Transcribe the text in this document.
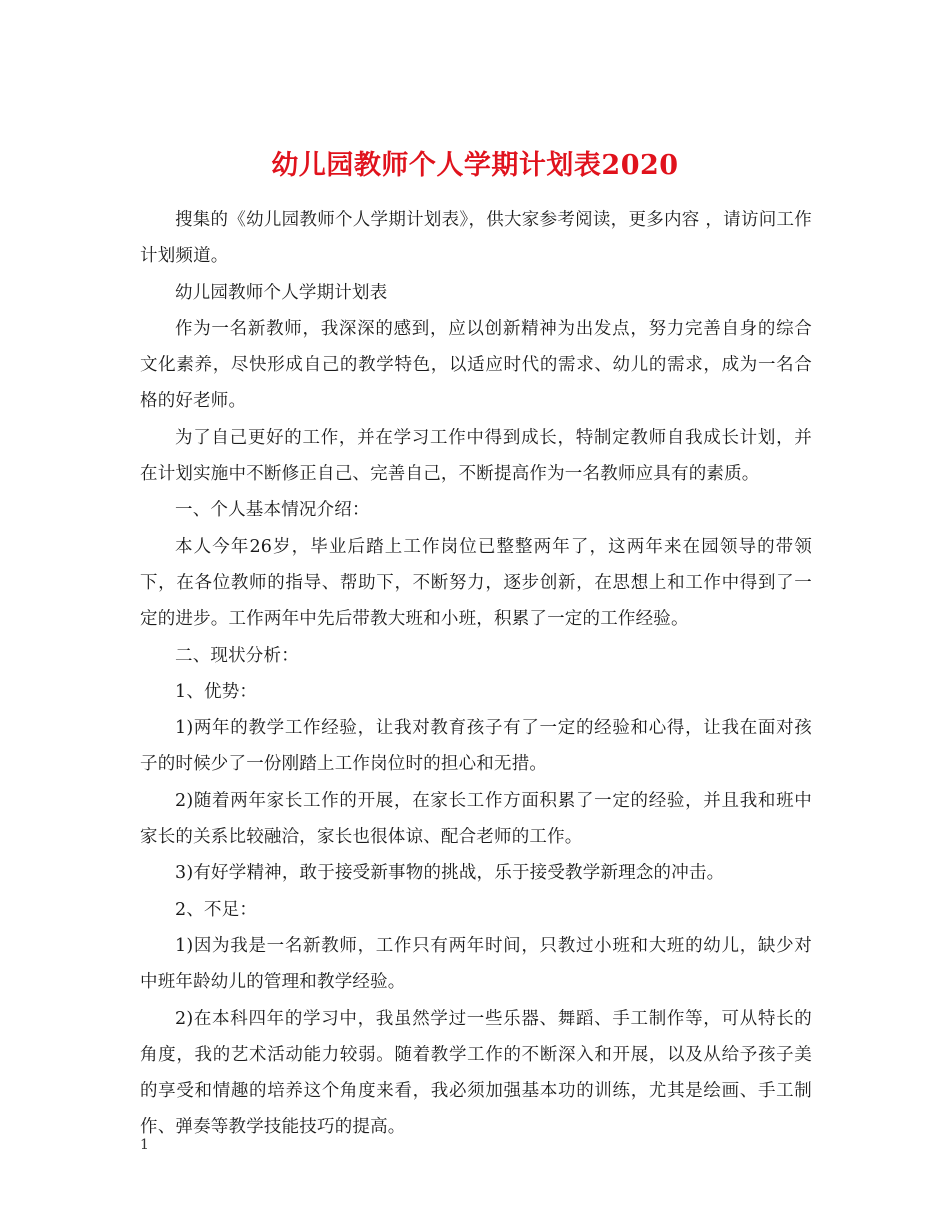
幼儿园教师个人学期计划表2020

搜集的《幼儿园教师个人学期计划表》，供大家参考阅读，更多内容 ，请访问工作计划频道。

幼儿园教师个人学期计划表

作为一名新教师，我深深的感到，应以创新精神为出发点，努力完善自身的综合文化素养，尽快形成自己的教学特色，以适应时代的需求、幼儿的需求，成为一名合格的好老师。

为了自己更好的工作，并在学习工作中得到成长，特制定教师自我成长计划，并在计划实施中不断修正自己、完善自己，不断提高作为一名教师应具有的素质。

一、个人基本情况介绍：

本人今年26岁，毕业后踏上工作岗位已整整两年了，这两年来在园领导的带领下，在各位教师的指导、帮助下，不断努力，逐步创新，在思想上和工作中得到了一定的进步。工作两年中先后带教大班和小班，积累了一定的工作经验。

二、现状分析：

1、优势：

1)两年的教学工作经验，让我对教育孩子有了一定的经验和心得，让我在面对孩子的时候少了一份刚踏上工作岗位时的担心和无措。

2)随着两年家长工作的开展，在家长工作方面积累了一定的经验，并且我和班中家长的关系比较融洽，家长也很体谅、配合老师的工作。

3)有好学精神，敢于接受新事物的挑战，乐于接受教学新理念的冲击。

2、不足：

1)因为我是一名新教师，工作只有两年时间，只教过小班和大班的幼儿，缺少对中班年龄幼儿的管理和教学经验。

2)在本科四年的学习中，我虽然学过一些乐器、舞蹈、手工制作等，可从特长的角度，我的艺术活动能力较弱。随着教学工作的不断深入和开展，以及从给予孩子美的享受和情趣的培养这个角度来看，我必须加强基本功的训练，尤其是绘画、手工制作、弹奏等教学技能技巧的提高。

1
